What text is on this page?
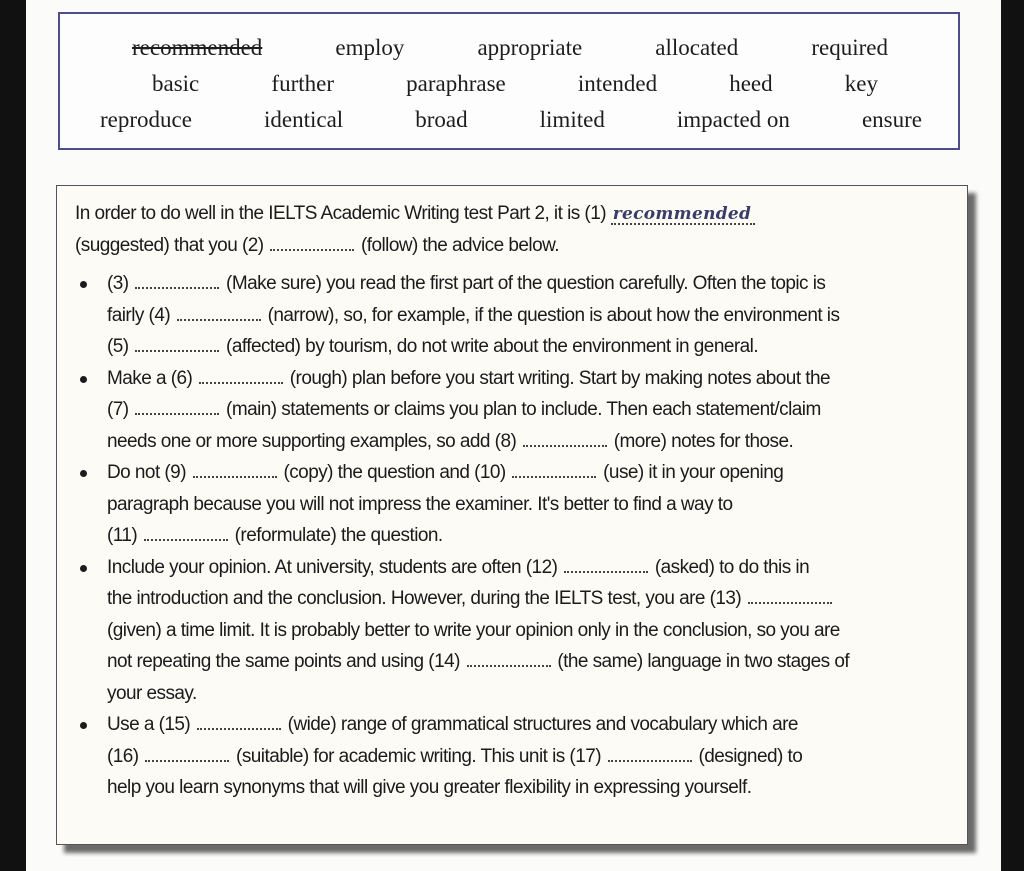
recommended	employ	appropriate	allocated	required
basic	further	paraphrase	intended	heed	key
reproduce	identical	broad	limited	impacted on	ensure

In order to do well in the IELTS Academic Writing test Part 2, it is (1) recommended
(suggested) that you (2)	(follow) the advice below.

(3)	(Make sure) you read the first part of the question carefully. Often the topic is
fairly (4)	(narrow), so, for example, if the question is about how the environment is
(5)	(affected) by tourism, do not write about the environment in general.
Make a (6)	(rough) plan before you start writing. Start by making notes about the
(7)	(main) statements or claims you plan to include. Then each statement/claim
needs one or more supporting examples, so add (8)	(more) notes for those.
Do not (9)	(copy) the question and (10)	(use) it in your opening
paragraph because you will not impress the examiner. It's better to find a way to
(11)	(reformulate) the question.
Include your opinion. At university, students are often (12)	(asked) to do this in
the introduction and the conclusion. However, during the IELTS test, you are (13)
(given) a time limit. It is probably better to write your opinion only in the conclusion, so you are
not repeating the same points and using (14)	(the same) language in two stages of
your essay.
Use a (15)	(wide) range of grammatical structures and vocabulary which are
(16)	(suitable) for academic writing. This unit is (17)	(designed) to
help you learn synonyms that will give you greater flexibility in expressing yourself.
